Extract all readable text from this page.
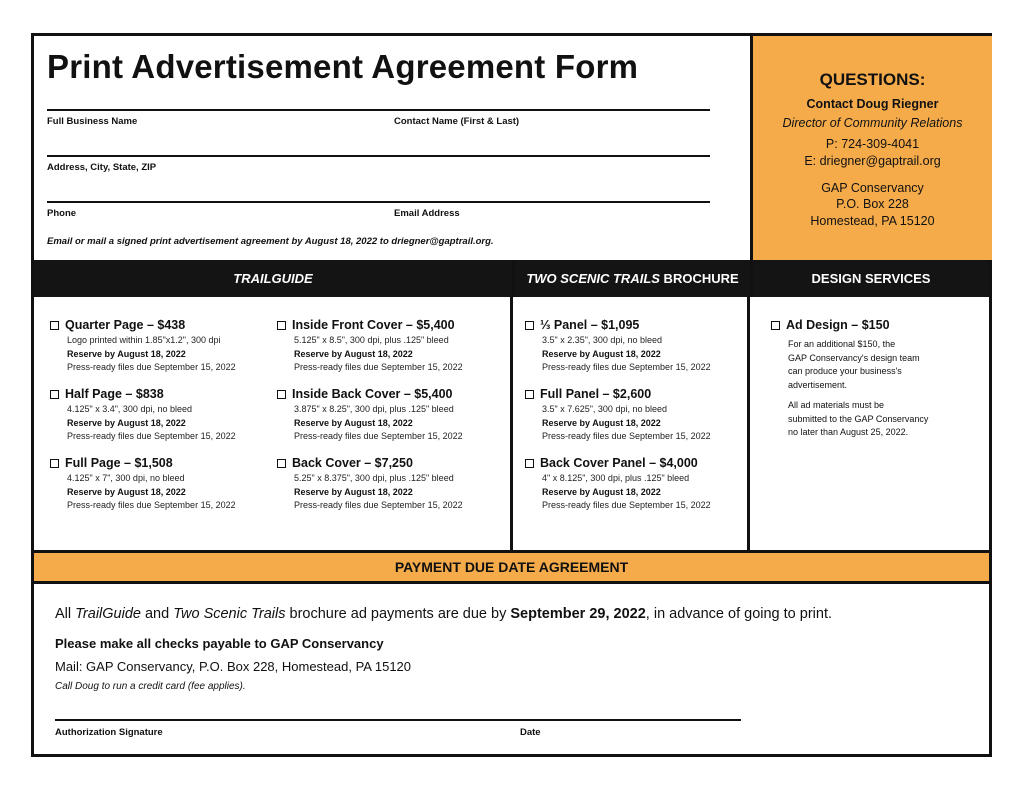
Print Advertisement Agreement Form
Full Business Name	Contact Name (First & Last)
Address, City, State, ZIP
Phone	Email Address
Email or mail a signed print advertisement agreement by August 18, 2022 to driegner@gaptrail.org.
QUESTIONS:
Contact Doug Riegner
Director of Community Relations
P: 724-309-4041
E: driegner@gaptrail.org
GAP Conservancy
P.O. Box 228
Homestead, PA 15120
TRAILGUIDE	TWO SCENIC TRAILS BROCHURE	DESIGN SERVICES
Quarter Page – $438
Logo printed within 1.85"x1.2", 300 dpi
Reserve by August 18, 2022
Press-ready files due September 15, 2022
Half Page – $838
4.125" x 3.4", 300 dpi, no bleed
Reserve by August 18, 2022
Press-ready files due September 15, 2022
Full Page – $1,508
4.125" x 7", 300 dpi, no bleed
Reserve by August 18, 2022
Press-ready files due September 15, 2022
Inside Front Cover – $5,400
5.125" x 8.5", 300 dpi, plus .125" bleed
Reserve by August 18, 2022
Press-ready files due September 15, 2022
Inside Back Cover – $5,400
3.875" x 8.25", 300 dpi, plus .125" bleed
Reserve by August 18, 2022
Press-ready files due September 15, 2022
Back Cover – $7,250
5.25" x 8.375", 300 dpi, plus .125" bleed
Reserve by August 18, 2022
Press-ready files due September 15, 2022
⅓ Panel – $1,095
3.5" x 2.35", 300 dpi, no bleed
Reserve by August 18, 2022
Press-ready files due September 15, 2022
Full Panel – $2,600
3.5" x 7.625", 300 dpi, no bleed
Reserve by August 18, 2022
Press-ready files due September 15, 2022
Back Cover Panel – $4,000
4" x 8.125", 300 dpi, plus .125" bleed
Reserve by August 18, 2022
Press-ready files due September 15, 2022
Ad Design – $150
For an additional $150, the
GAP Conservancy's design team
can produce your business's
advertisement.
All ad materials must be
submitted to the GAP Conservancy
no later than August 25, 2022.
PAYMENT DUE DATE AGREEMENT
All TrailGuide and Two Scenic Trails brochure ad payments are due by September 29, 2022, in advance of going to print.
Please make all checks payable to GAP Conservancy
Mail: GAP Conservancy, P.O. Box 228, Homestead, PA 15120
Call Doug to run a credit card (fee applies).
Authorization Signature	Date
